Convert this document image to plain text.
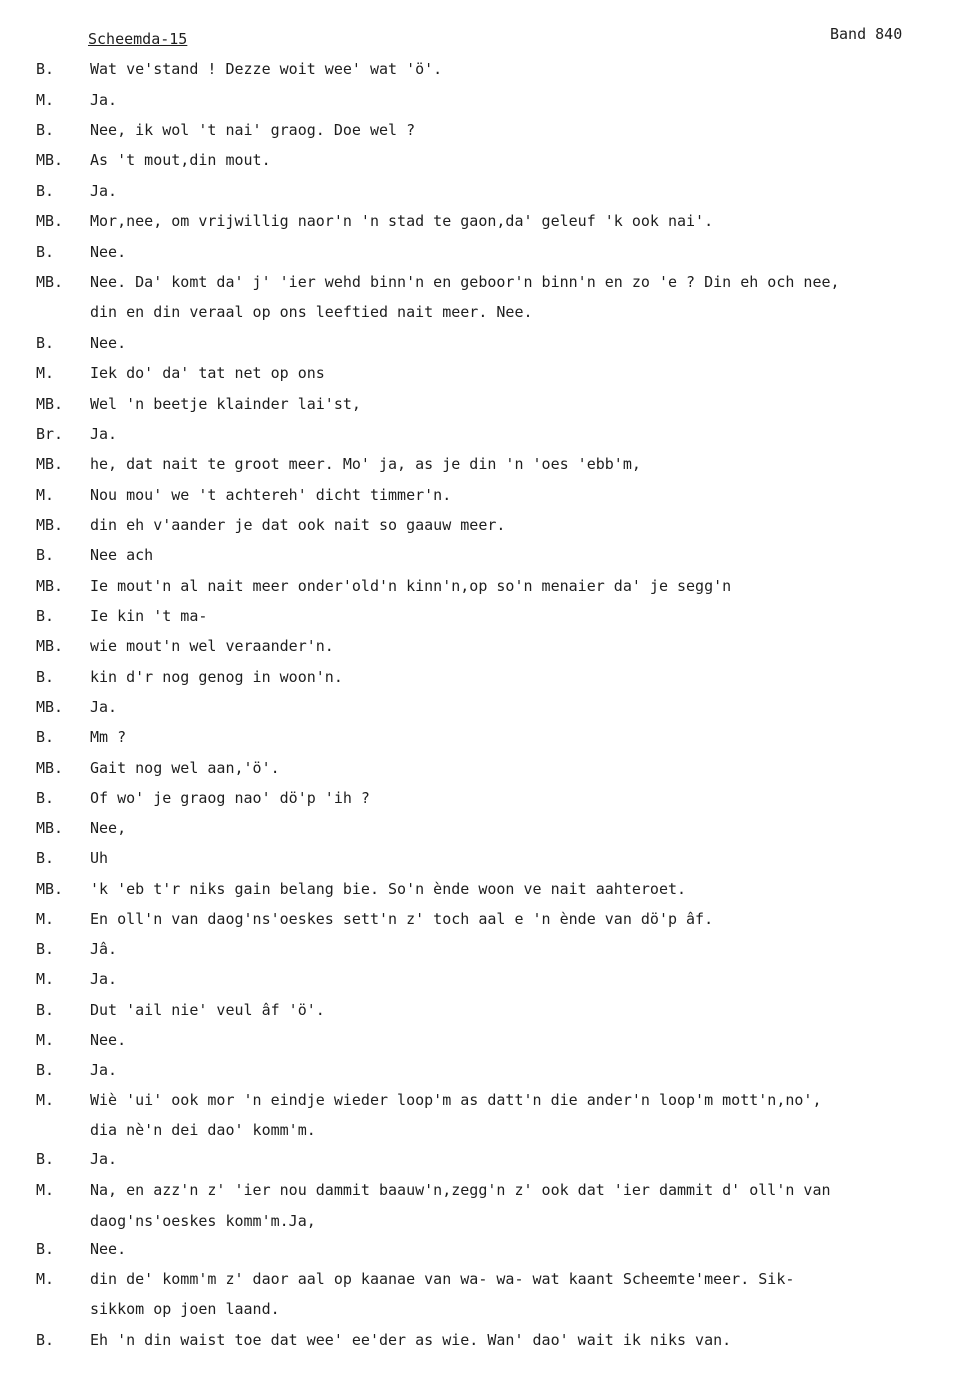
Scheemda-15	Band 840
B.	Wat ve'stand ! Dezze woit wee' wat 'ö'.
M.	Ja.
B.	Nee, ik wol 't nai' graog. Doe wel ?
MB.	As 't mout,din mout.
B.	Ja.
MB.	Mor,nee, om vrijwillig naor'n 'n stad te gaon,da' geleuf 'k ook nai'.
B.	Nee.
MB.	Nee. Da' komt da' j' 'ier wehd binn'n en geboor'n binn'n en zo 'e ? Din eh och nee,
din en din veraal op ons leeftied nait meer. Nee.
B.	Nee.
M.	Iek do' da' tat net op ons
MB.	Wel 'n beetje klainder lai'st,
Br.	Ja.
MB.	he, dat nait te groot meer. Mo' ja, as je din 'n 'oes 'ebb'm,
M.	Nou mou' we 't achtereh' dicht timmer'n.
MB.	din eh v'aander je dat ook nait so gaauw meer.
B.	Nee ach
MB.	Ie mout'n al nait meer onder'old'n kinn'n,op so'n menaier da' je segg'n
B.	Ie kin 't ma-
MB.	wie mout'n wel veraander'n.
B.	kin d'r nog genog in woon'n.
MB.	Ja.
B.	Mm ?
MB.	Gait nog wel aan,'ö'.
B.	Of wo' je graog nao' dö'p 'ih ?
MB.	Nee,
B.	Uh
MB.	'k 'eb t'r niks gain belang bie. So'n ènde woon ve nait aahteroet.
M.	En oll'n van daog'ns'oeskes sett'n z' toch aal e 'n ènde van dö'p âf.
B.	Jâ.
M.	Ja.
B.	Dut 'ail nie' veul âf 'ö'.
M.	Nee.
B.	Ja.
M.	Wiè 'ui' ook mor 'n eindje wieder loop'm as datt'n die ander'n loop'm mott'n,no',
dia nè'n dei dao' komm'm.
B.	Ja.
M.	Na, en azz'n z' 'ier nou dammit baauw'n,zegg'n z' ook dat 'ier dammit d' oll'n van
daog'ns'oeskes komm'm.Ja,
B.	Nee.
M.	din de' komm'm z' daor aal op kaanae van wa- wa- wat kaant Scheemte'meer. Sik-
sikkom op joen laand.
B.	Eh 'n din waist toe dat wee' ee'der as wie. Wan' dao' wait ik niks van.
